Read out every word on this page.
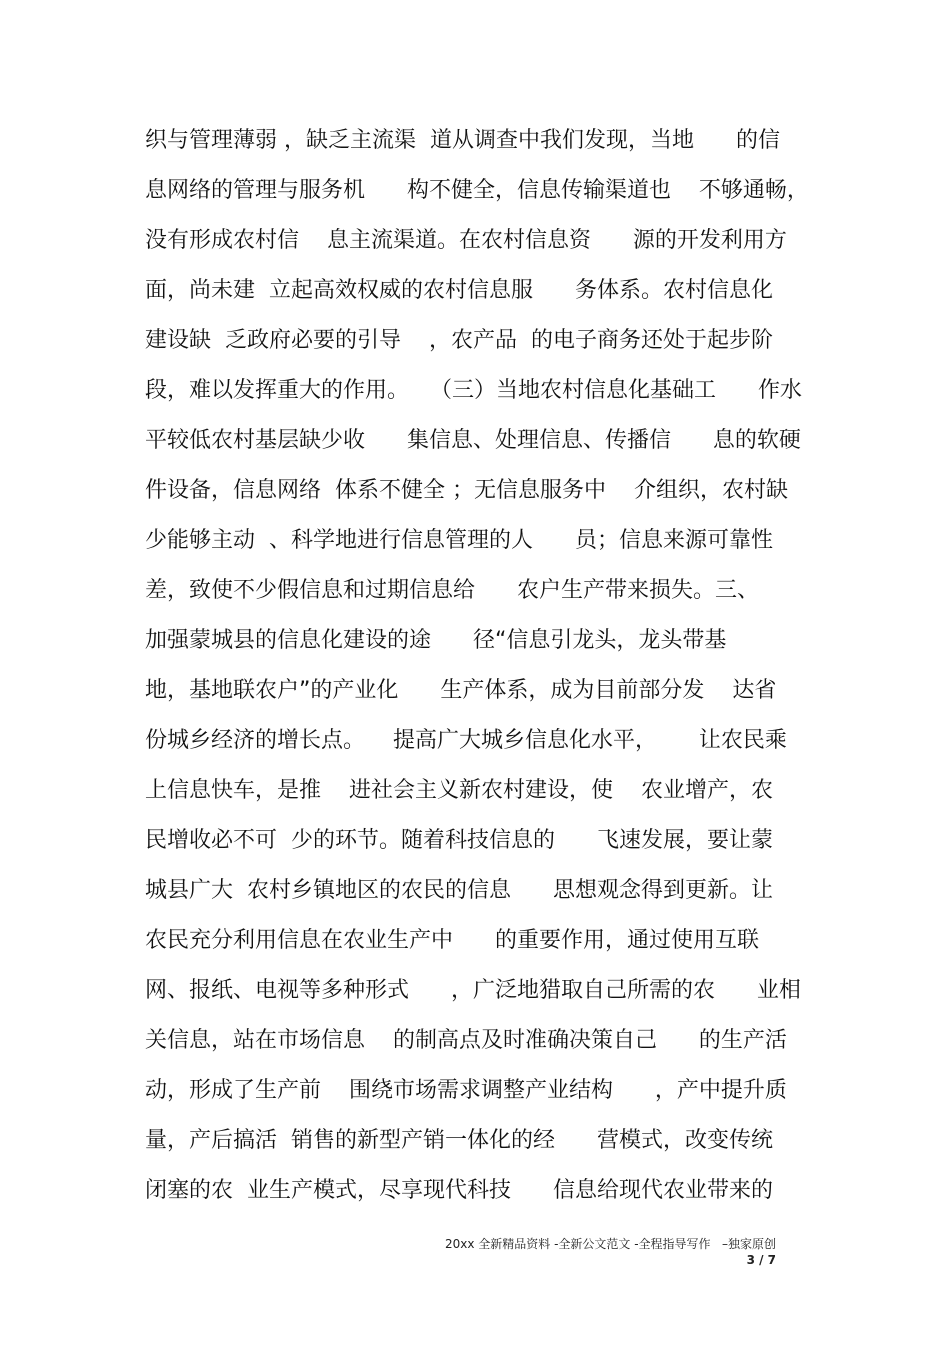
织与管理薄弱 ，缺乏主流渠  道从调查中我们发现，当地      的信
息网络的管理与服务机      构不健全，信息传输渠道也    不够通畅，
没有形成农村信    息主流渠道。在农村信息资      源的开发利用方
面，尚未建  立起高效权威的农村信息服      务体系。农村信息化
建设缺  乏政府必要的引导    ，农产品  的电子商务还处于起步阶
段，难以发挥重大的作用。   （三）当地农村信息化基础工      作水
平较低农村基层缺少收      集信息、处理信息、传播信      息的软硬
件设备，信息网络  体系不健全 ；无信息服务中    介组织，农村缺
少能够主动  、科学地进行信息管理的人      员；信息来源可靠性
差，致使不少假信息和过期信息给      农户生产带来损失。三、
加强蒙城县的信息化建设的途      径“信息引龙头，龙头带基
地，基地联农户”的产业化      生产体系，成为目前部分发    达省
份城乡经济的增长点。    提高广大城乡信息化水平，      让农民乘
上信息快车，是推    进社会主义新农村建设，使    农业增产，农
民增收必不可  少的环节。随着科技信息的      飞速发展，要让蒙
城县广大  农村乡镇地区的农民的信息      思想观念得到更新。让
农民充分利用信息在农业生产中      的重要作用，通过使用互联
网、报纸、电视等多种形式      ，广泛地猎取自己所需的农      业相
关信息，站在市场信息    的制高点及时准确决策自己      的生产活
动，形成了生产前    围绕市场需求调整产业结构      ，产中提升质
量，产后搞活  销售的新型产销一体化的经      营模式，改变传统
闭塞的农  业生产模式，尽享现代科技      信息给现代农业带来的
20xx 全新精品资料 -全新公文范文 -全程指导写作   –独家原创
3 / 7
